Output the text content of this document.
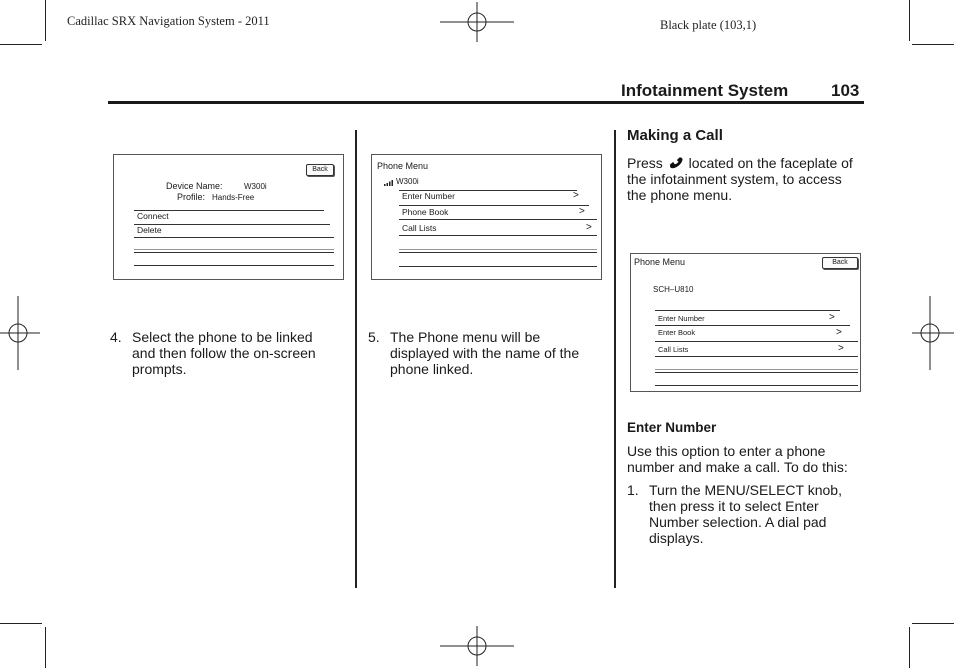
Cadillac SRX Navigation System - 2011	Black plate (103,1)
Infotainment System	103
Back
Device Name:	W300i
Profile: Hands-Free
Connect
Delete
4. Select the phone to be linked
and then follow the on-screen
prompts.
Phone Menu
W300i
Enter Number	>
Phone Book	>
Call Lists	>
5. The Phone menu will be
displayed with the name of the
phone linked.
Making a Call
Press located on the faceplate of
the infotainment system, to access
the phone menu.
Phone Menu	Back
SCH–U810
Enter Number	>
Enter Book	>
Call Lists	>
Enter Number
Use this option to enter a phone
number and make a call. To do this:
1. Turn the MENU/SELECT knob,
then press it to select Enter
Number selection. A dial pad
displays.
